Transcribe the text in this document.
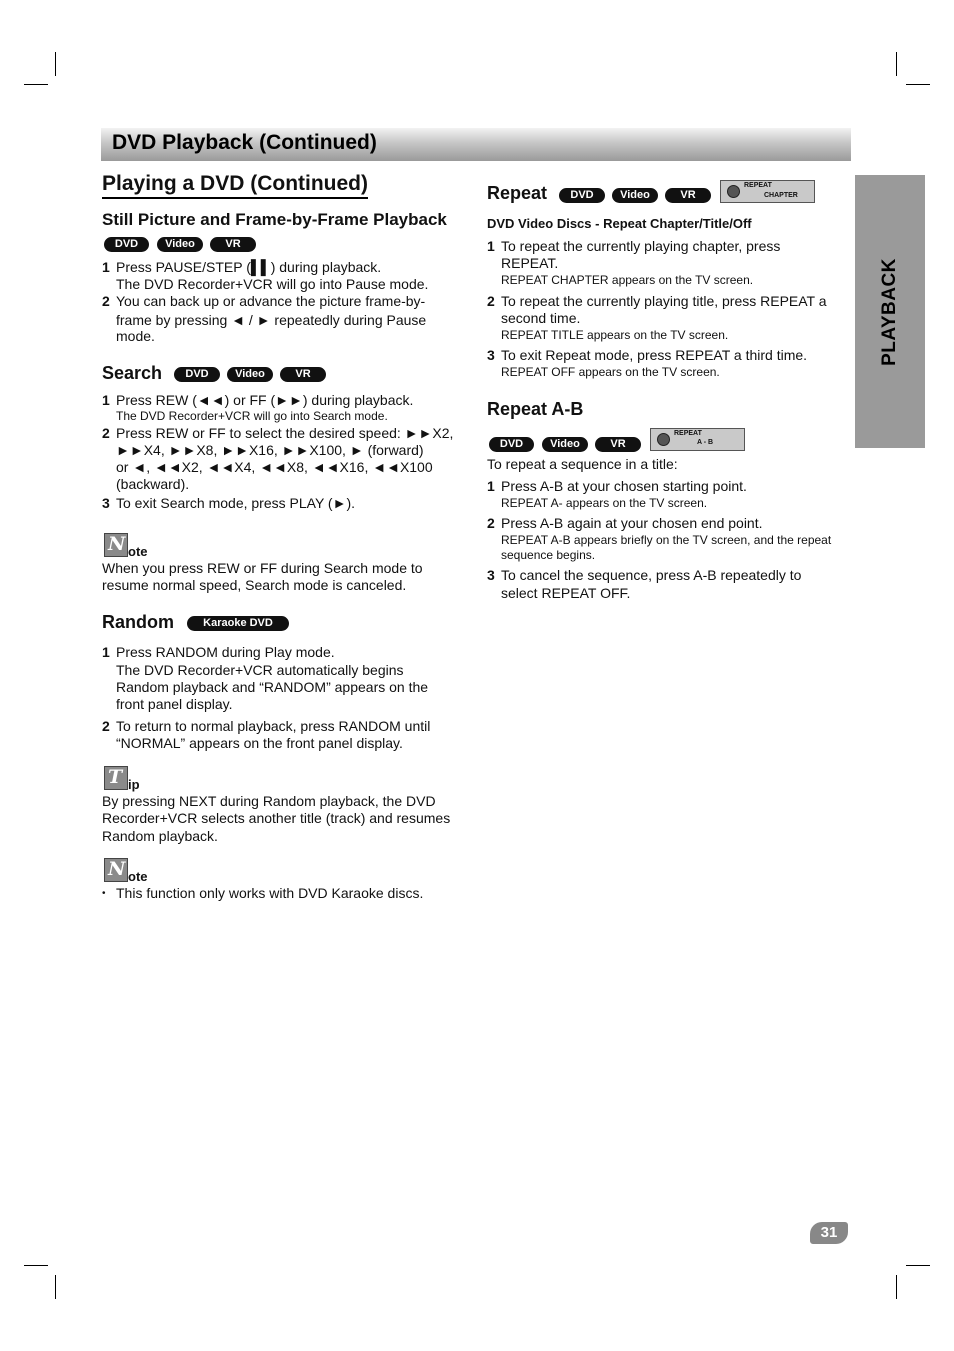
DVD Playback (Continued)
PLAYBACK
Playing a DVD (Continued)
Still Picture and Frame-by-Frame Playback
DVD	Video	VR
1 Press PAUSE/STEP (▌▌) during playback.
The DVD Recorder+VCR will go into Pause mode.
2 You can back up or advance the picture frame-by-
frame by pressing ◄ / ► repeatedly during Pause
mode.
Search	DVD	Video	VR
1 Press REW (◄◄) or FF (►►) during playback.
The DVD Recorder+VCR will go into Search mode.
2 Press REW or FF to select the desired speed: ►►X2,
►►X4, ►►X8, ►►X16, ►►X100, ► (forward)
or ◄, ◄◄X2, ◄◄X4, ◄◄X8, ◄◄X16, ◄◄X100
(backward).
3 To exit Search mode, press PLAY (►).
N ote
When you press REW or FF during Search mode to
resume normal speed, Search mode is canceled.
Random	Karaoke DVD
1 Press RANDOM during Play mode.
The DVD Recorder+VCR automatically begins
Random playback and “RANDOM” appears on the
front panel display.
2 To return to normal playback, press RANDOM until
“NORMAL” appears on the front panel display.
T ip
By pressing NEXT during Random playback, the DVD
Recorder+VCR selects another title (track) and resumes
Random playback.
N ote
• This function only works with DVD Karaoke discs.
Repeat	DVD	Video	VR
REPEAT
CHAPTER
DVD Video Discs - Repeat Chapter/Title/Off
1 To repeat the currently playing chapter, press
REPEAT.
REPEAT CHAPTER appears on the TV screen.
2 To repeat the currently playing title, press REPEAT a
second time.
REPEAT TITLE appears on the TV screen.
3 To exit Repeat mode, press REPEAT a third time.
REPEAT OFF appears on the TV screen.
Repeat A-B
DVD	Video	VR
REPEAT
A - B
To repeat a sequence in a title:
1 Press A-B at your chosen starting point.
REPEAT A- appears on the TV screen.
2 Press A-B again at your chosen end point.
REPEAT A-B appears briefly on the TV screen, and the repeat
sequence begins.
3 To cancel the sequence, press A-B repeatedly to
select REPEAT OFF.
31
